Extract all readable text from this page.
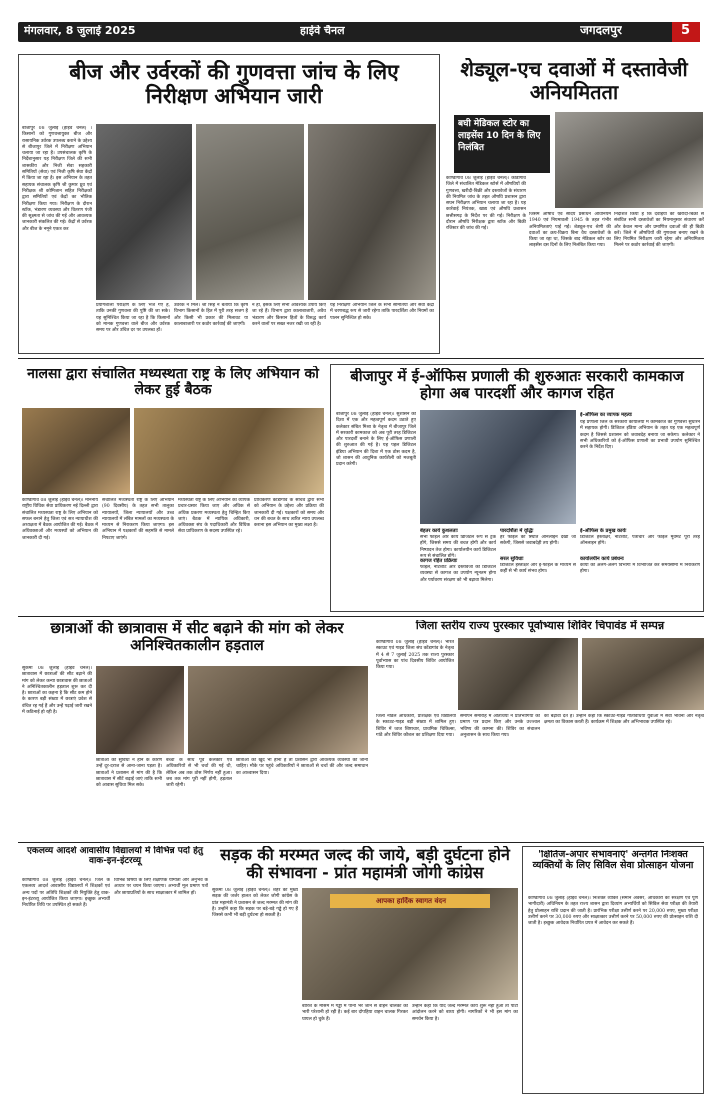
मंगलवार, 8 जुलाई 2025	हाईवे चैनल	जगदलपुर	5
बीज और उर्वरकों की गुणवत्ता जांच के लिए निरीक्षण अभियान जारी
बीजापुर 08 जुलाई (हाईवे चैनल) । किसानों को गुणवत्तायुक्त बीज और रासायनिक उर्वरक उपलब्ध कराने के उद्देश्य से बीजापुर जिले में निरीक्षण अभियान चलाया जा रहा है। उपसंचालक कृषि के निर्देशानुसार यह निरीक्षण जिले की सभी शासकीय और निजी सेवा सहकारी समितियों (सेवा) एवं निजी कृषि सेवा केंद्रों में किया जा रहा है। इस अभियान के तहत सहायक संचालक कृषि श्री कुमार ध्रुव एवं निरीक्षक श्री कोमिजान सहित निरीक्षकों द्वारा समितियों एवं केंद्रों का भौतिक निरीक्षण किया गया। निरीक्षण के दौरान स्टॉक, भंडारण व्यवस्था और वितरण पंजी की सूक्ष्मता से जांच की गई और आवश्यक जानकारी संकलित की गई। केंद्रों से उर्वरक और बीज के नमूने एकत्र कर
प्रयोगशाला परीक्षण के लिए भेजे गए हैं, ताकि उनकी गुणवत्ता की पुष्टि की जा सके। यह सुनिश्चित किया जा रहा है कि किसानों को मानक गुणवत्ता वाले बीज और उर्वरक समय पर और उचित दर पर उपलब्ध हों।
उर्वरक न मिलें। श्री सिंह ने बताया कि कृषि विभाग किसानों के हित में पूरी तरह सजग है और किसी भी प्रकार की मिलावट या कालाबाजारी पर कठोर कार्रवाई की जाएगी।
न हो, इसके लिए सभी आवश्यक उपाय किए जा रहे हैं। विभाग द्वारा कालाबाजारी, अवैध भंडारण और किसान हितों के विरुद्ध कार्य करने वालों पर सख्त नजर रखी जा रही है।
यह निरीक्षण अभियान जिले के सभी समितियों और सेवा केंद्रों में चरणबद्ध रूप से जारी रहेगा ताकि पारदर्शिता और नियमों का पालन सुनिश्चित हो सके।
शेड्यूल-एच दवाओं में दस्तावेजी अनियमितता
बघी मेडिकल स्टोर का लाइसेंस 10 दिन के लिए निलंबित
कोण्डागांव 08 जुलाई (हाईवे चैनल)। कोंडागांव जिले में संचालित मेडिकल स्टोर्स में औषधियों की गुणवत्ता, खरीदी-बिक्री और दस्तावेजों के संधारण की नियमित जांच के तहत औषधि प्रशासन द्वारा सघन निरीक्षण अभियान चलाया जा रहा है। यह कार्रवाई नियंत्रक, खाद्य एवं औषधि प्रशासन छत्तीसगढ़ के निर्देश पर की गई। निरीक्षण के दौरान औषधि निरीक्षक द्वारा स्टॉक और बिक्री रजिस्टर की जांच की गई।
जिसमें औषधि एवं सौंदर्य प्रसाधन अधिनियम 1940 एवं नियमावली 1945 के तहत गंभीर अनियमितताएं पाई गईं। शेड्यूल-एच श्रेणी की दवाओं का क्रय-विक्रय बिना वैध दस्तावेजों के किया जा रहा था, जिसके बाद मेडिकल स्टोर का लाइसेंस दस दिनों के लिए निलंबित किया गया।
निर्देशित किया है कि दवाइयों की खरीदी-बिक्री से संबंधित सभी दस्तावेजों का नियमानुसार संधारण करें और केवल मान्य और प्रमाणित दवाओं की ही बिक्री करें। जिले में औषधियों की गुणवत्ता बनाए रखने के लिए नियमित निरीक्षण जारी रहेगा और अनियमितता मिलने पर कठोर कार्रवाई की जाएगी।
नालसा द्वारा संचालित मध्यस्थता राष्ट्र के लिए अभियान को लेकर हुई बैठक
कोण्डागांव 08 जुलाई (हाईवे चैनल)। माननीय राष्ट्रीय विधिक सेवा प्राधिकरण नई दिल्ली द्वारा संचालित मध्यस्थता राष्ट्र के लिए अभियान को सफल बनाने हेतु जिला एवं सत्र न्यायाधीश की अध्यक्षता में बैठक आयोजित की गई। बैठक में अधिवक्ताओं और मध्यस्थों को अभियान की जानकारी दी गई।
संचालित मध्यस्थता राष्ट्र के लिए अभियान (90 दिवसीय) के तहत सभी तालुका न्यायालयों, जिला न्यायालयों और उच्च न्यायालयों में लंबित मामलों का मध्यस्थता के माध्यम से निराकरण किया जाएगा। इस अभियान में पक्षकारों की सहमति से मामले निपटाए जाएंगे।
मध्यस्थता राष्ट्र के लिए अभियान का व्यापक प्रचार-प्रसार किया जाए और अधिक से अधिक प्रकरण मध्यस्थता हेतु चिन्हित किए जाएं। बैठक में न्यायिक अधिकारी, अधिवक्ता संघ के पदाधिकारी और विधिक सेवा प्राधिकरण के सदस्य उपस्थित रहे।
प्राधिकरण कोंडागांव के सचिव द्वारा सभी को अभियान के उद्देश्य और प्रक्रिया की जानकारी दी गई। पक्षकारों को समय और धन की बचत के साथ त्वरित न्याय उपलब्ध कराना इस अभियान का मुख्य लक्ष्य है।
बीजापुर में ई-ऑफिस प्रणाली की शुरुआतः सरकारी कामकाज होगा अब पारदर्शी और कागज रहित
बीजापुर 08 जुलाई (हाईवे चैनल)। सुशासन की दिशा में एक और महत्वपूर्ण कदम उठाते हुए कलेक्टर संबित मिश्रा के नेतृत्व में बीजापुर जिले में सरकारी कामकाज को अब पूरी तरह डिजिटल और पारदर्शी बनाने के लिए ई-ऑफिस प्रणाली की शुरुआत की गई है। यह पहल डिजिटल इंडिया अभियान की दिशा में एक ठोस कदम है, जो शासन की आधुनिक कार्यशैली को मजबूती प्रदान करेगी।
बेहतर कार्य कुशलताः
सभी फाइलें और कार्य डिजिटल रूप से ट्रैक होंगे, जिससे समय की बचत होगी और कार्य निष्पादन तेज होगा। कार्यालयीन कार्य डिजिटल रूप से संचालित होंगे।
कागज रहित प्रक्रियाः
फाइलें, नोटशीट और दस्तावेजों की डिजिटल व्यवस्था से कागज का उपयोग न्यूनतम होगा और पर्यावरण संरक्षण को भी बढ़ावा मिलेगा।
पारदर्शिता में वृद्धिः
हर फाइल की स्थिति ऑनलाइन देखी जा सकेगी, जिससे जवाबदेही तय होगी।
सरल सुविधाः
डिजिटल हस्ताक्षर और ई-फाइल के माध्यम से कहीं से भी कार्य संभव होगा।
ई-ऑफिस के प्रमुख कार्यः
डिजिटल हस्ताक्षर, नोटशीट, पत्राचार और फाइल मूवमेंट पूरी तरह ऑनलाइन होंगे।
कार्यालयीन कार्य प्रबंधनः
कार्यों को अलग-अलग विभागों में विभाजित कर समयसीमा में निराकरण होगा।
ई-ऑफिस का व्यापक महत्वः
यह प्रणाली जिले के सरकारी कार्यालयों में कामकाज की गुणवत्ता सुधारने में सहायक होगी। डिजिटल इंडिया अभियान के तहत यह एक महत्वपूर्ण कदम है जिससे प्रशासन को जवाबदेह बनाया जा सकेगा। कलेक्टर ने सभी अधिकारियों को ई-ऑफिस प्रणाली का प्रभावी उपयोग सुनिश्चित करने के निर्देश दिए।
छात्राओं की छात्रावास में सीट बढ़ाने की मांग को लेकर अनिश्चितकालीन हड़ताल
सुकमा 08 जुलाई (हाईवे चैनल)। छात्रावास में छात्राओं की सीट बढ़ाने की मांग को लेकर कन्या छात्रावास की छात्राओं ने अनिश्चितकालीन हड़ताल शुरू कर दी है। छात्राओं का कहना है कि सीट कम होने के कारण बड़ी संख्या में छात्राएं प्रवेश से वंचित रह गई हैं और उन्हें पढ़ाई जारी रखने में कठिनाई हो रही है।
छात्राओं को सुविधा न होने के कारण उन्हें दूर-दराज से आना-जाना पड़ता है। छात्राओं ने प्रशासन से मांग की है कि छात्रावास में सीटें बढ़ाई जाएं ताकि सभी को आवास सुविधा मिल सके।
बच्चों के साथ पूर्व कलेक्टर एवं अधिकारियों से भी चर्चा की गई थी, लेकिन अब तक ठोस निर्णय नहीं हुआ। जब तक मांग पूरी नहीं होगी, हड़ताल जारी रहेगी।
छात्राओं को खुद भी होना है तो प्रशासन द्वारा आवश्यक व्यवस्था की जानी चाहिए। मौके पर पहुंचे अधिकारियों ने छात्राओं से चर्चा की और जल्द समाधान का आश्वासन दिया।
जिला स्तरीय राज्य पुरस्कार पूर्वाभ्यास शिविर चिपावंड में सम्पन्न
कोण्डागांव 08 जुलाई (हाईवे चैनल)। भारत स्काउट एवं गाइड जिला संघ कोंडागांव के नेतृत्व में 4 से 7 जुलाई 2025 तक राज्य पुरस्कार पूर्वाभ्यास का पांच दिवसीय शिविर आयोजित किया गया।
जिला नोडल अधिकारी, प्रशिक्षक एवं विद्यालयों के स्काउट-गाइड बड़ी संख्या में शामिल हुए। शिविर में ध्वज शिष्टाचार, प्राथमिक चिकित्सा, गांठें और शिविर कौशल का प्रशिक्षण दिया गया।
समापन समारोह में अतिथियों ने प्रतिभागियों को प्रमाण पत्र प्रदान किए और उनके उज्ज्वल भविष्य की कामना की। शिविर का संचालन अनुशासन के साथ किया गया।
को बढ़ावा देते हैं। उन्होंने कहा कि स्काउट-गाइड गतिविधियां युवाओं में सेवा भावना और नेतृत्व क्षमता का विकास करती हैं। कार्यक्रम में शिक्षक और अभिभावक उपस्थित रहे।
एकलव्य आदर्श आवासीय विद्यालयों में विभिन्न पदों हेतु वाक-इन-इंटरव्यू
कोण्डागांव 08 जुलाई (हाईवे चैनल)। जिले के एकलव्य आदर्श आवासीय विद्यालयों में शिक्षकों एवं अन्य पदों पर अतिथि शिक्षकों की नियुक्ति हेतु वाक-इन-इंटरव्यू आयोजित किया जाएगा। इच्छुक अभ्यर्थी निर्धारित तिथि पर उपस्थित हो सकते हैं।
विभिन्न विषयों के लिए शैक्षणिक योग्यता और अनुभव के आधार पर चयन किया जाएगा। अभ्यर्थी मूल प्रमाण पत्रों और छायाप्रतियों के साथ साक्षात्कार में शामिल हों।
सड़क की मरम्मत जल्द की जाये, बड़ी दुर्घटना होने की संभावना - प्रांत महामंत्री जोगी कांग्रेस
सुकमा 08 जुलाई (हाईवे चैनल)। शहर की मुख्य सड़क की जर्जर हालत को लेकर जोगी कांग्रेस के प्रांत महामंत्री ने प्रशासन से जल्द मरम्मत की मांग की है। उन्होंने कहा कि सड़क पर बड़े-बड़े गड्ढे हो गए हैं जिससे कभी भी बड़ी दुर्घटना हो सकती है।
आपका हार्दिक स्वागत वंदन
बारिश के मौसम में गड्ढों में पानी भर जाने से वाहन चालकों को भारी परेशानी हो रही है। कई बार दोपहिया वाहन चालक गिरकर घायल हो चुके हैं।
उन्होंने कहा कि यदि जल्द मरम्मत कार्य शुरू नहीं हुआ तो पार्टी आंदोलन करने को बाध्य होगी। नागरिकों ने भी इस मांग का समर्थन किया है।
'क्षितिज-अपार संभावनाएं' अन्तर्गत निःशक्त व्यक्तियों के लिए सिविल सेवा प्रोत्साहन योजना
कोण्डागांव 08 जुलाई (हाईवे चैनल)। निःशक्त व्यक्ति (समान अवसर, अधिकारों का संरक्षण एवं पूर्ण भागीदारी) अधिनियम के तहत राज्य शासन द्वारा दिव्यांग अभ्यर्थियों को सिविल सेवा परीक्षा की तैयारी हेतु प्रोत्साहन राशि प्रदान की जाती है। प्रारंभिक परीक्षा उत्तीर्ण करने पर 20,000 रुपए, मुख्य परीक्षा उत्तीर्ण करने पर 30,000 रुपए और साक्षात्कार उत्तीर्ण करने पर 50,000 रुपए की प्रोत्साहन राशि दी जाती है। इच्छुक आवेदक निर्धारित प्रपत्र में आवेदन कर सकते हैं।
